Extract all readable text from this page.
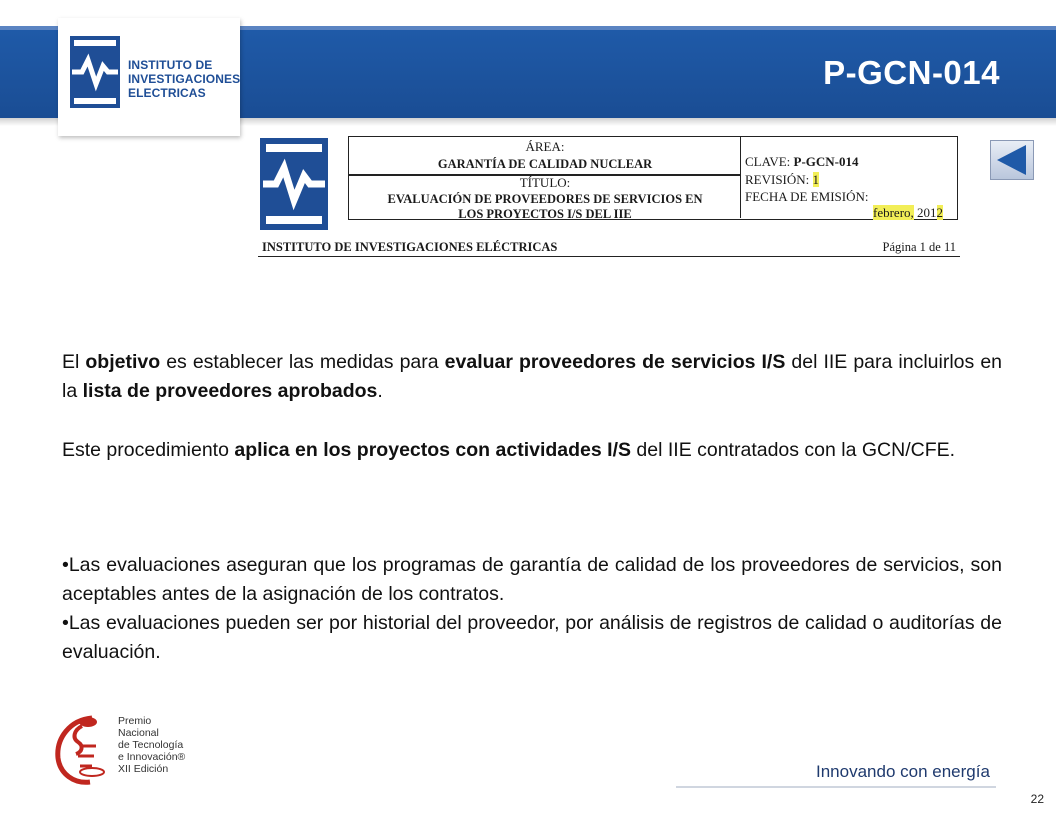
INSTITUTO DE
INVESTIGACIONES
ELECTRICAS
P-GCN-014
ÁREA:
GARANTÍA DE CALIDAD NUCLEAR
TÍTULO:
EVALUACIÓN DE PROVEEDORES DE SERVICIOS EN
LOS PROYECTOS I/S DEL IIE
CLAVE: P-GCN-014
REVISIÓN: 1
FECHA DE EMISIÓN:
febrero, 2012
INSTITUTO DE INVESTIGACIONES ELÉCTRICAS	Página 1 de 11

El objetivo es establecer las medidas para evaluar proveedores de servicios I/S del IIE para incluirlos en la lista de proveedores aprobados.

Este procedimiento aplica en los proyectos con actividades I/S del IIE contratados con la GCN/CFE.

•Las evaluaciones aseguran que los programas de garantía de calidad de los proveedores de servicios, son aceptables antes de la asignación de los contratos.

•Las evaluaciones pueden ser por historial del proveedor, por análisis de registros de calidad o auditorías de evaluación.

Premio
Nacional
de Tecnología
e Innovación®
XII Edición	Innovando con energía
22
